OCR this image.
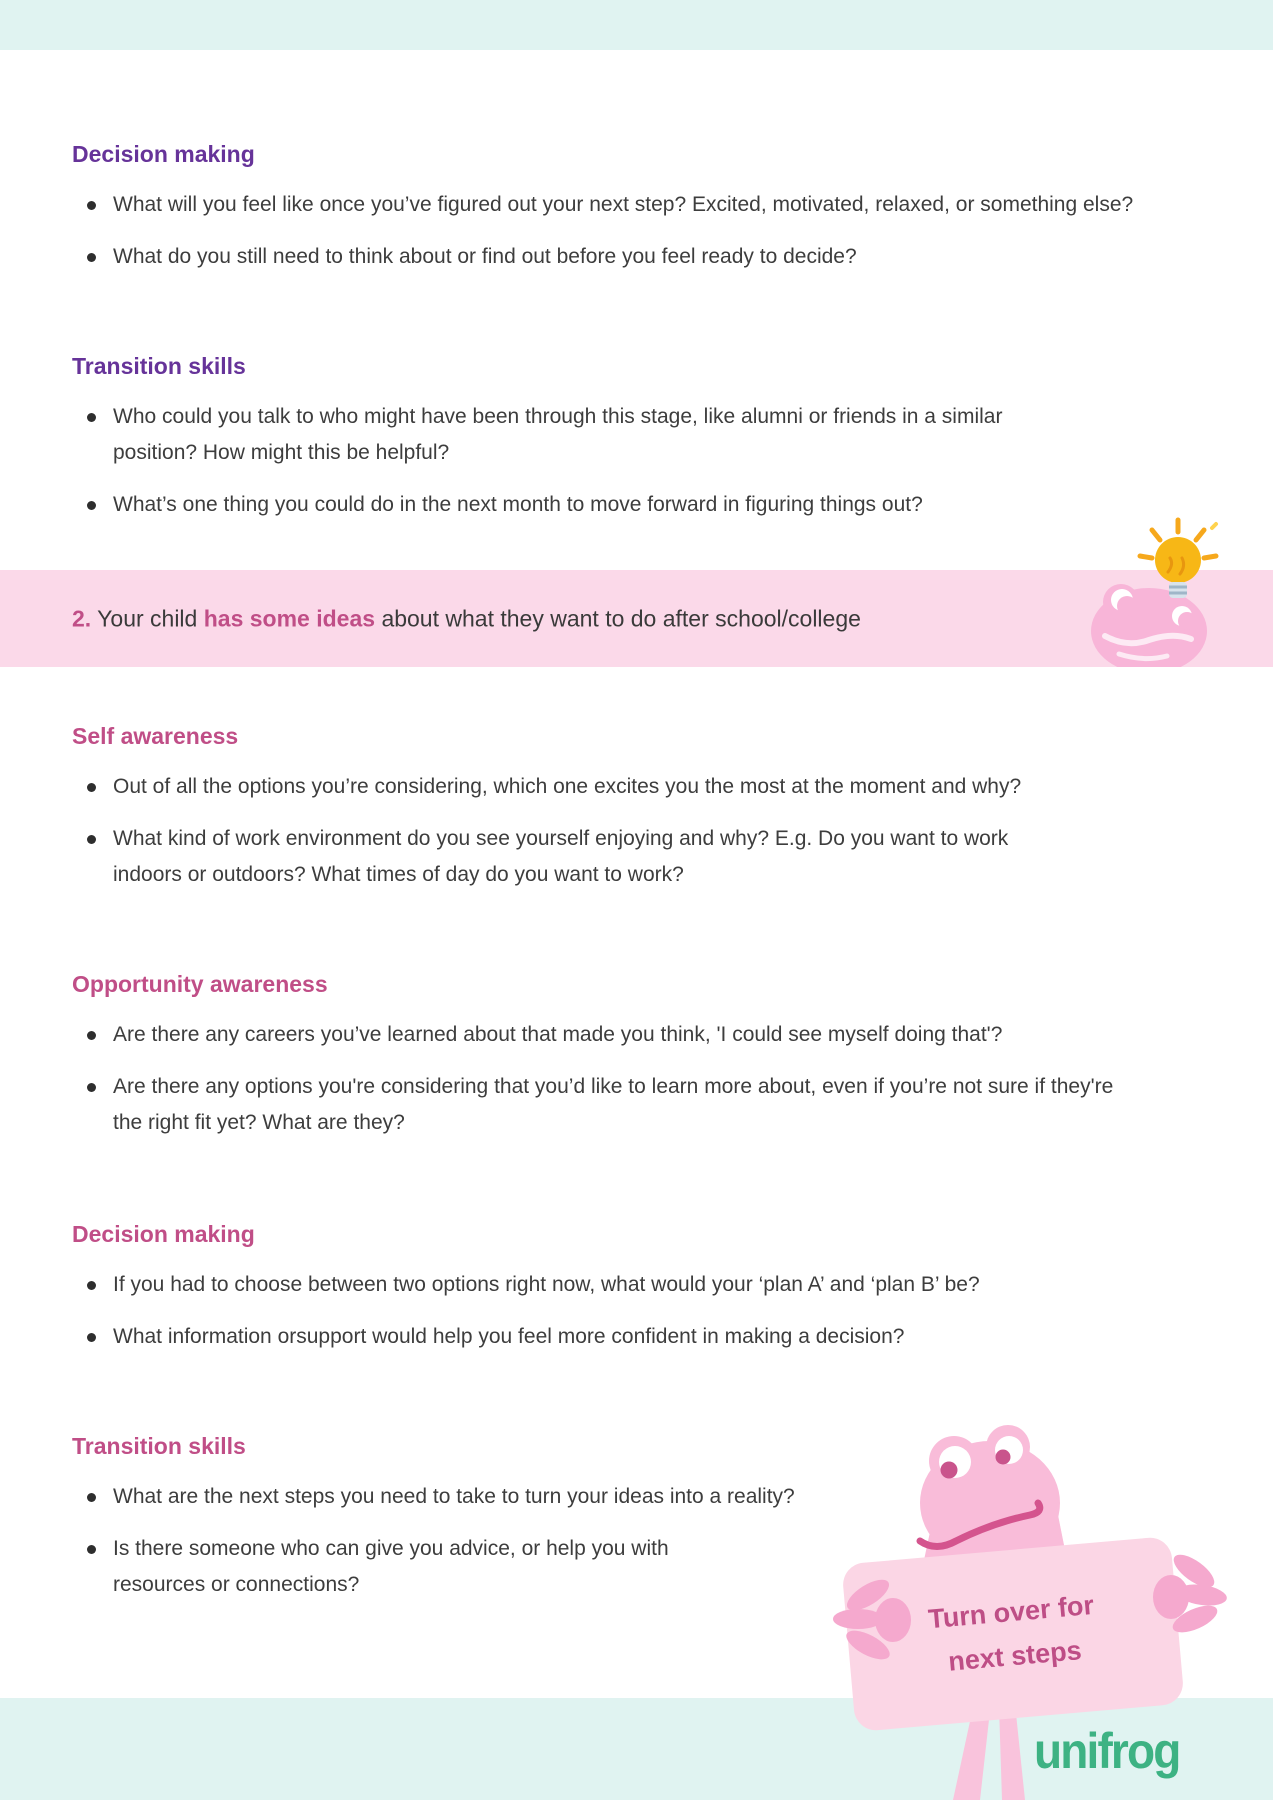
Decision making
What will you feel like once you’ve figured out your next step? Excited, motivated, relaxed, or something else?
What do you still need to think about or find out before you feel ready to decide?
Transition skills
Who could you talk to who might have been through this stage, like alumni or friends in a similar position? How might this be helpful?
What’s one thing you could do in the next month to move forward in figuring things out?

2. Your child has some ideas about what they want to do after school/college

Self awareness
Out of all the options you’re considering, which one excites you the most at the moment and why?
What kind of work environment do you see yourself enjoying and why? E.g. Do you want to work indoors or outdoors? What times of day do you want to work?
Opportunity awareness
Are there any careers you’ve learned about that made you think, 'I could see myself doing that'?
Are there any options you're considering that you’d like to learn more about, even if you’re not sure if they're the right fit yet? What are they?
Decision making
If you had to choose between two options right now, what would your ‘plan A’ and ‘plan B’ be?
What information orsupport would help you feel more confident in making a decision?
Transition skills
What are the next steps you need to take to turn your ideas into a reality?
Is there someone who can give you advice, or help you with resources or connections?
Turn over for
next steps
unifrog
